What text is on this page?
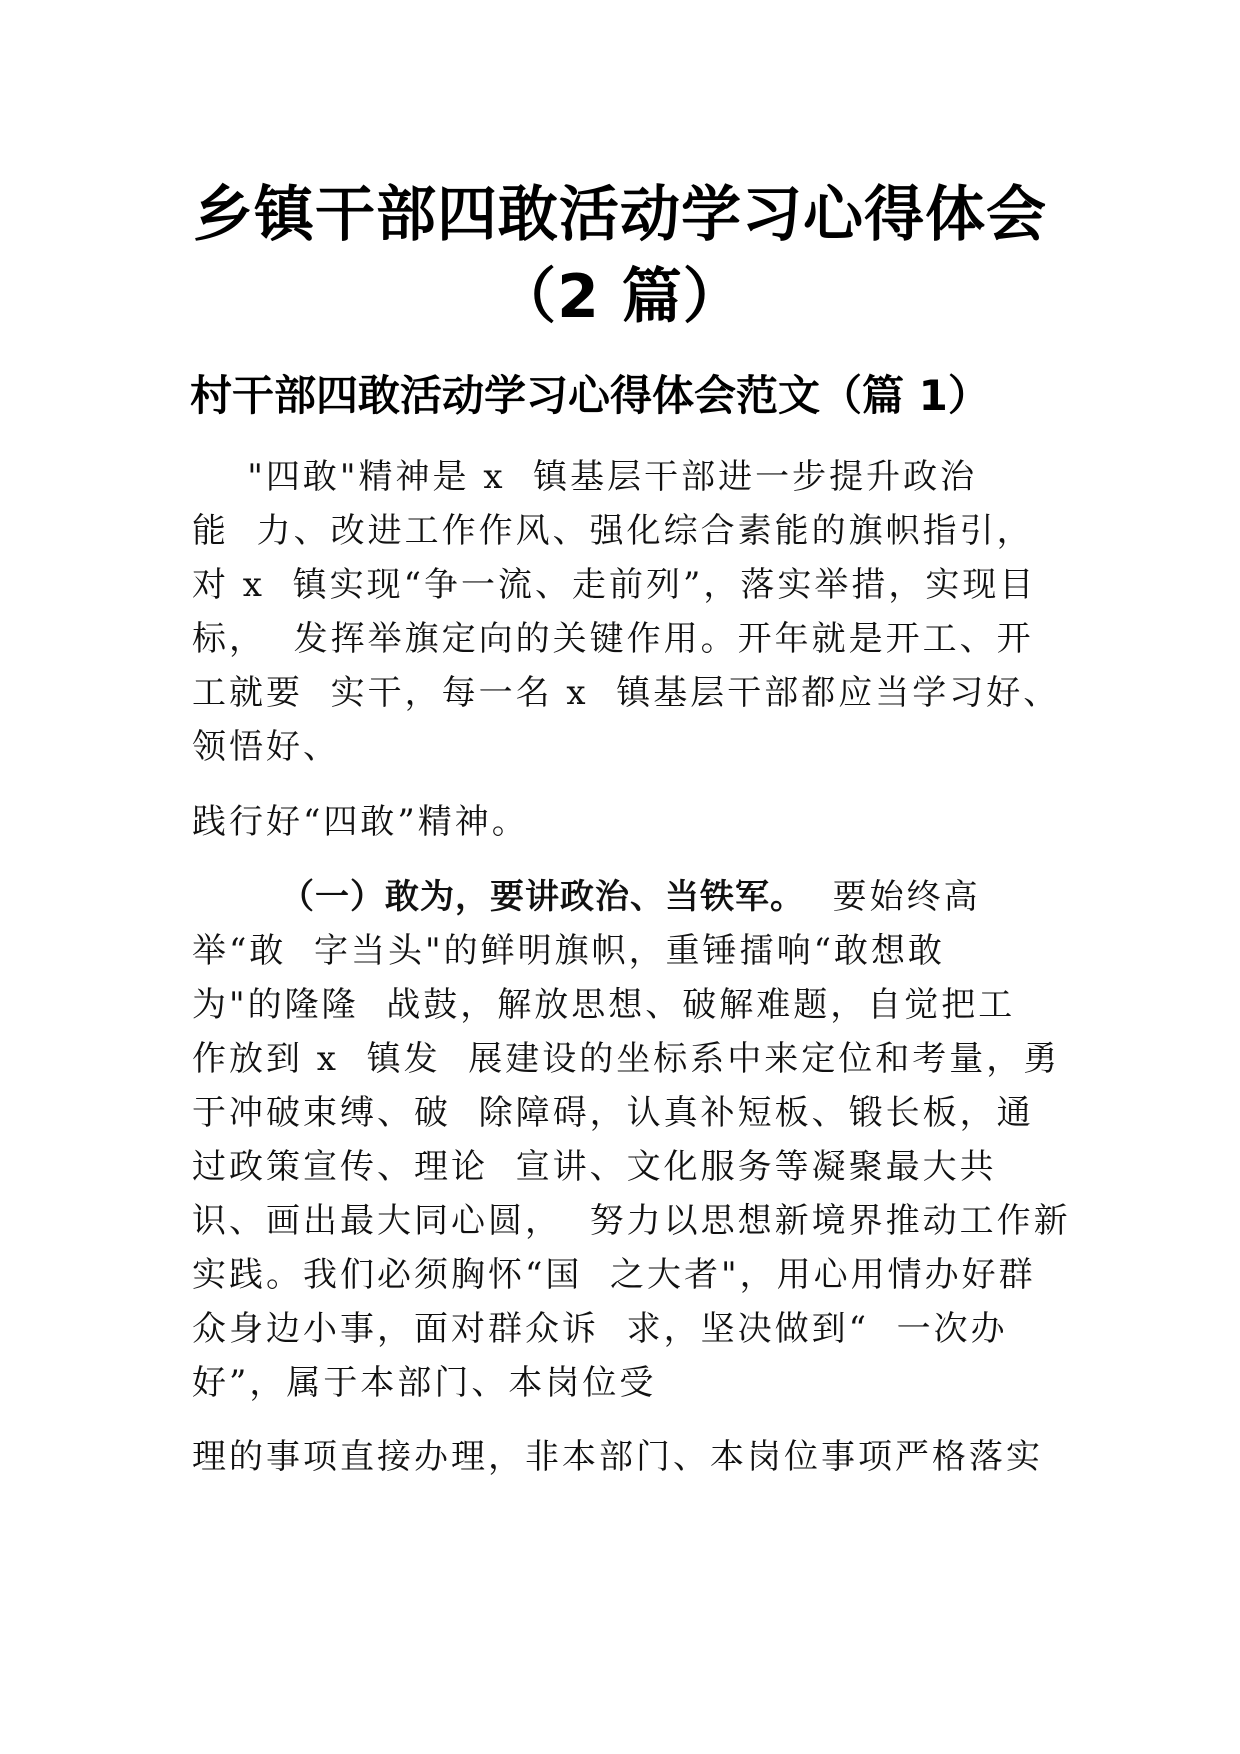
乡镇干部四敢活动学习心得体会
（2 篇）
村干部四敢活动学习心得体会范文（篇 1）
"四敢"精神是 x  镇基层干部进一步提升政治
能  力、改进工作作风、强化综合素能的旗帜指引，
对 x  镇实现“争一流、走前列”，落实举措，实现目
标，  发挥举旗定向的关键作用。开年就是开工、开
工就要  实干，每一名 x  镇基层干部都应当学习好、
领悟好、
践行好“四敢”精神。
（一）敢为，要讲政治、当铁军。  要始终高
举“敢  字当头"的鲜明旗帜，重锤擂响“敢想敢
为"的隆隆  战鼓，解放思想、破解难题，自觉把工
作放到 x  镇发  展建设的坐标系中来定位和考量，勇
于冲破束缚、破  除障碍，认真补短板、锻长板，通
过政策宣传、理论  宣讲、文化服务等凝聚最大共
识、画出最大同心圆，  努力以思想新境界推动工作新
实践。我们必须胸怀“国  之大者"，用心用情办好群
众身边小事，面对群众诉  求，坚决做到“  一次办
好”，属于本部门、本岗位受
理的事项直接办理，非本部门、本岗位事项严格落实
